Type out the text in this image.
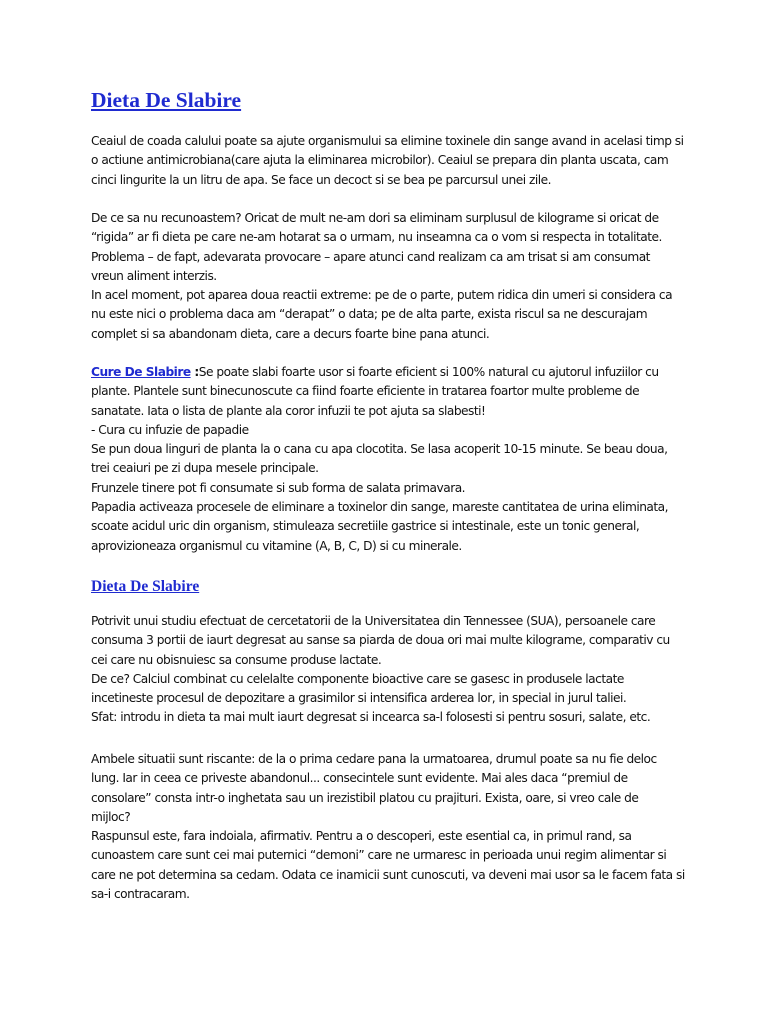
Dieta De Slabire
Ceaiul de coada calului poate sa ajute organismului sa elimine toxinele din sange avand in acelasi timp si
o actiune antimicrobiana(care ajuta la eliminarea microbilor). Ceaiul se prepara din planta uscata, cam
cinci lingurite la un litru de apa. Se face un decoct si se bea pe parcursul unei zile.
De ce sa nu recunoastem? Oricat de mult ne-am dori sa eliminam surplusul de kilograme si oricat de
“rigida” ar fi dieta pe care ne-am hotarat sa o urmam, nu inseamna ca o vom si respecta in totalitate.
Problema – de fapt, adevarata provocare – apare atunci cand realizam ca am trisat si am consumat
vreun aliment interzis.
In acel moment, pot aparea doua reactii extreme: pe de o parte, putem ridica din umeri si considera ca
nu este nici o problema daca am “derapat” o data; pe de alta parte, exista riscul sa ne descurajam
complet si sa abandonam dieta, care a decurs foarte bine pana atunci.
Cure De Slabire :Se poate slabi foarte usor si foarte eficient si 100% natural cu ajutorul infuziilor cu
plante. Plantele sunt binecunoscute ca fiind foarte eficiente in tratarea foartor multe probleme de
sanatate. Iata o lista de plante ala coror infuzii te pot ajuta sa slabesti!
- Cura cu infuzie de papadie
Se pun doua linguri de planta la o cana cu apa clocotita. Se lasa acoperit 10-15 minute. Se beau doua,
trei ceaiuri pe zi dupa mesele principale.
Frunzele tinere pot fi consumate si sub forma de salata primavara.
Papadia activeaza procesele de eliminare a toxinelor din sange, mareste cantitatea de urina eliminata,
scoate acidul uric din organism, stimuleaza secretiile gastrice si intestinale, este un tonic general,
aprovizioneaza organismul cu vitamine (A, B, C, D) si cu minerale.
Dieta De Slabire
Potrivit unui studiu efectuat de cercetatorii de la Universitatea din Tennessee (SUA), persoanele care
consuma 3 portii de iaurt degresat au sanse sa piarda de doua ori mai multe kilograme, comparativ cu
cei care nu obisnuiesc sa consume produse lactate.
De ce? Calciul combinat cu celelalte componente bioactive care se gasesc in produsele lactate
incetineste procesul de depozitare a grasimilor si intensifica arderea lor, in special in jurul taliei.
Sfat: introdu in dieta ta mai mult iaurt degresat si incearca sa-l folosesti si pentru sosuri, salate, etc.
Ambele situatii sunt riscante: de la o prima cedare pana la urmatoarea, drumul poate sa nu fie deloc
lung. Iar in ceea ce priveste abandonul... consecintele sunt evidente. Mai ales daca “premiul de
consolare” consta intr-o inghetata sau un irezistibil platou cu prajituri. Exista, oare, si vreo cale de
mijloc?
Raspunsul este, fara indoiala, afirmativ. Pentru a o descoperi, este esential ca, in primul rand, sa
cunoastem care sunt cei mai puternici “demoni” care ne urmaresc in perioada unui regim alimentar si
care ne pot determina sa cedam. Odata ce inamicii sunt cunoscuti, va deveni mai usor sa le facem fata si
sa-i contracaram.
